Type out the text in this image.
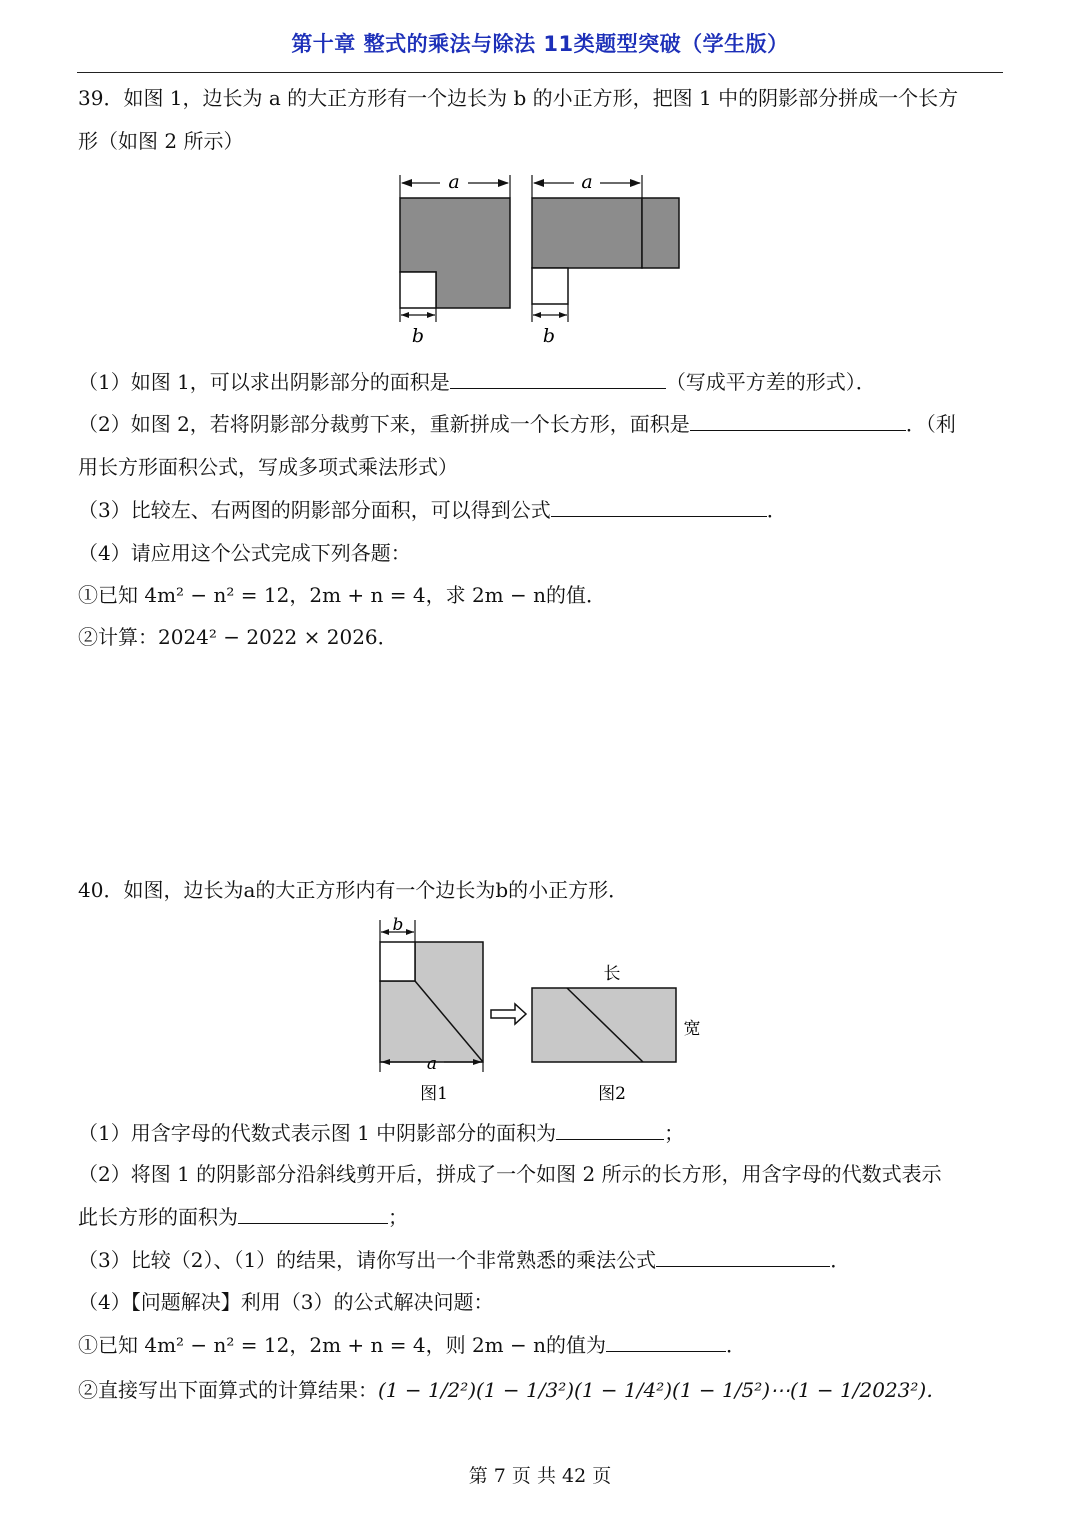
第十章 整式的乘法与除法 11类题型突破（学生版）
39．如图 1，边长为 a 的大正方形有一个边长为 b 的小正方形，把图 1 中的阴影部分拼成一个长方
形（如图 2 所示）
a
b
a
b
（1）如图 1，可以求出阴影部分的面积是	（写成平方差的形式）．
（2）如图 2，若将阴影部分裁剪下来，重新拼成一个长方形，面积是	．（利
用长方形面积公式，写成多项式乘法形式）
（3）比较左、右两图的阴影部分面积，可以得到公式	．
（4）请应用这个公式完成下列各题：
①已知 4m² − n² = 12，2m + n = 4，求 2m − n的值．
②计算：2024² − 2022 × 2026．
40．如图，边长为a的大正方形内有一个边长为b的小正方形．
b
a
图1
长
宽
图2
（1）用含字母的代数式表示图 1 中阴影部分的面积为	；
（2）将图 1 的阴影部分沿斜线剪开后，拼成了一个如图 2 所示的长方形，用含字母的代数式表示
此长方形的面积为	；
（3）比较（2）、（1）的结果，请你写出一个非常熟悉的乘法公式	．
（4）【问题解决】利用（3）的公式解决问题：
①已知 4m² − n² = 12，2m + n = 4，则 2m − n的值为	．
②直接写出下面算式的计算结果：(1 − 1/2²)(1 − 1/3²)(1 − 1/4²)(1 − 1/5²)⋯(1 − 1/2023²)．
第 7 页 共 42 页
